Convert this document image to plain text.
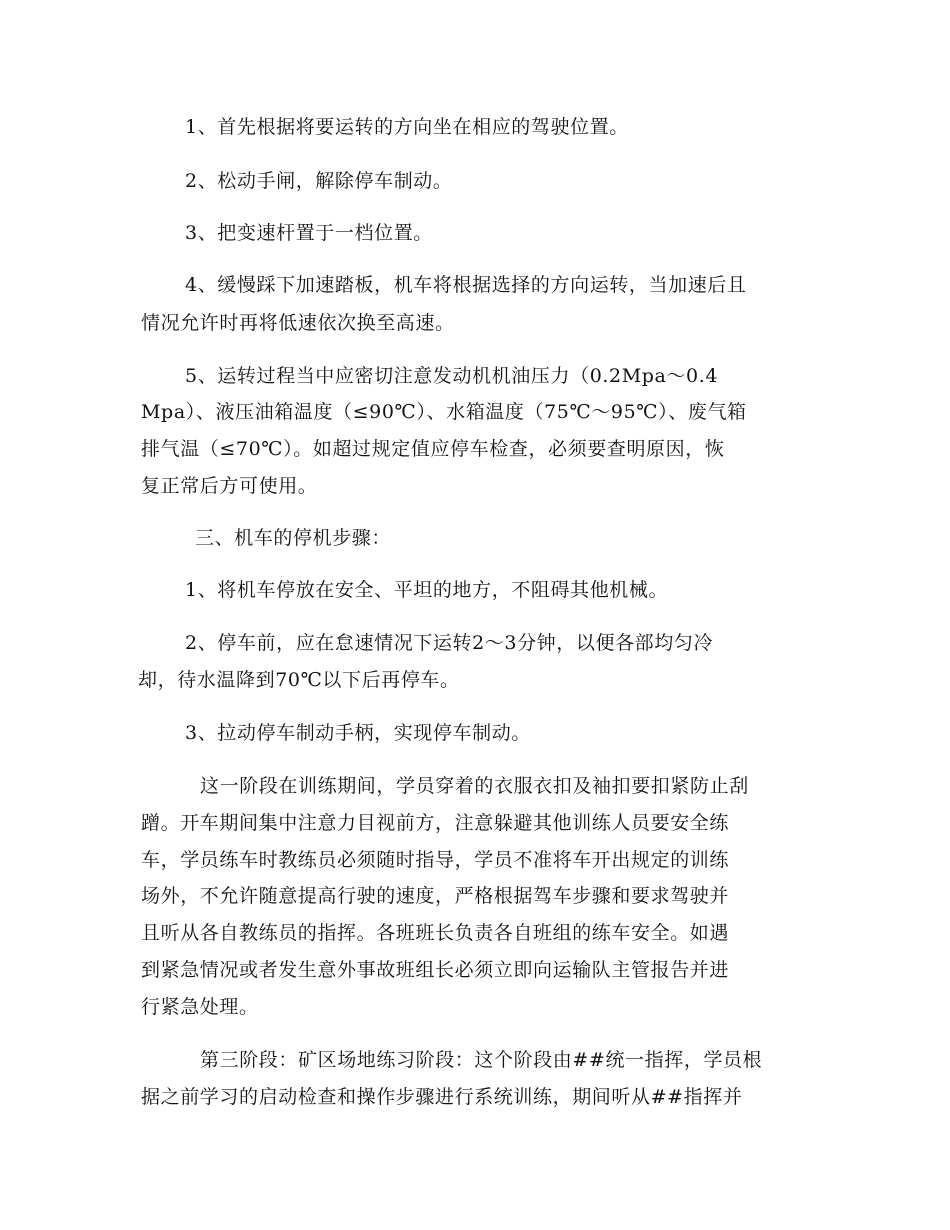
1、首先根据将要运转的方向坐在相应的驾驶位置。

2、松动手闸，解除停车制动。

3、把变速杆置于一档位置。

4、缓慢踩下加速踏板，机车将根据选择的方向运转，当加速后且

情况允许时再将低速依次换至高速。

5、运转过程当中应密切注意发动机机油压力（0.2Mpa～0.4

Mpa）、液压油箱温度（≤90℃）、水箱温度（75℃～95℃）、废气箱

排气温（≤70℃）。如超过规定值应停车检查，必须要查明原因，恢

复正常后方可使用。

三、机车的停机步骤：

1、将机车停放在安全、平坦的地方，不阻碍其他机械。

2、停车前，应在怠速情况下运转2～3分钟，以便各部均匀冷

却，待水温降到70℃以下后再停车。

3、拉动停车制动手柄，实现停车制动。

这一阶段在训练期间，学员穿着的衣服衣扣及袖扣要扣紧防止刮

蹭。开车期间集中注意力目视前方，注意躲避其他训练人员要安全练

车，学员练车时教练员必须随时指导，学员不准将车开出规定的训练

场外，不允许随意提高行驶的速度，严格根据驾车步骤和要求驾驶并

且听从各自教练员的指挥。各班班长负责各自班组的练车安全。如遇

到紧急情况或者发生意外事故班组长必须立即向运输队主管报告并进

行紧急处理。

第三阶段：矿区场地练习阶段：这个阶段由##统一指挥，学员根

据之前学习的启动检查和操作步骤进行系统训练，期间听从##指挥并
